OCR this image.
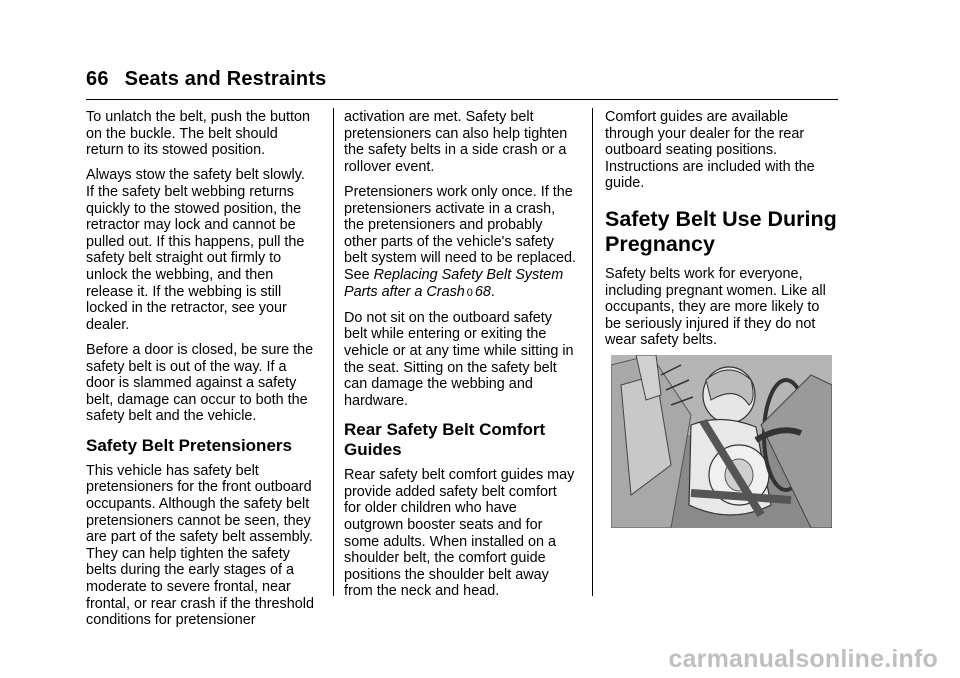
66 Seats and Restraints

To unlatch the belt, push the button
on the buckle. The belt should
return to its stowed position.

Always stow the safety belt slowly.
If the safety belt webbing returns
quickly to the stowed position, the
retractor may lock and cannot be
pulled out. If this happens, pull the
safety belt straight out firmly to
unlock the webbing, and then
release it. If the webbing is still
locked in the retractor, see your
dealer.

Before a door is closed, be sure the
safety belt is out of the way. If a
door is slammed against a safety
belt, damage can occur to both the
safety belt and the vehicle.

Safety Belt Pretensioners

This vehicle has safety belt
pretensioners for the front outboard
occupants. Although the safety belt
pretensioners cannot be seen, they
are part of the safety belt assembly.
They can help tighten the safety
belts during the early stages of a
moderate to severe frontal, near
frontal, or rear crash if the threshold
conditions for pretensioner

activation are met. Safety belt
pretensioners can also help tighten
the safety belts in a side crash or a
rollover event.

Pretensioners work only once. If the
pretensioners activate in a crash,
the pretensioners and probably
other parts of the vehicle's safety
belt system will need to be replaced.
See Replacing Safety Belt System
Parts after a Crash 0 68.

Do not sit on the outboard safety
belt while entering or exiting the
vehicle or at any time while sitting in
the seat. Sitting on the safety belt
can damage the webbing and
hardware.

Rear Safety Belt Comfort
Guides

Rear safety belt comfort guides may
provide added safety belt comfort
for older children who have
outgrown booster seats and for
some adults. When installed on a
shoulder belt, the comfort guide
positions the shoulder belt away
from the neck and head.

Comfort guides are available
through your dealer for the rear
outboard seating positions.
Instructions are included with the
guide.

Safety Belt Use During
Pregnancy

Safety belts work for everyone,
including pregnant women. Like all
occupants, they are more likely to
be seriously injured if they do not
wear safety belts.

carmanualsonline.info
